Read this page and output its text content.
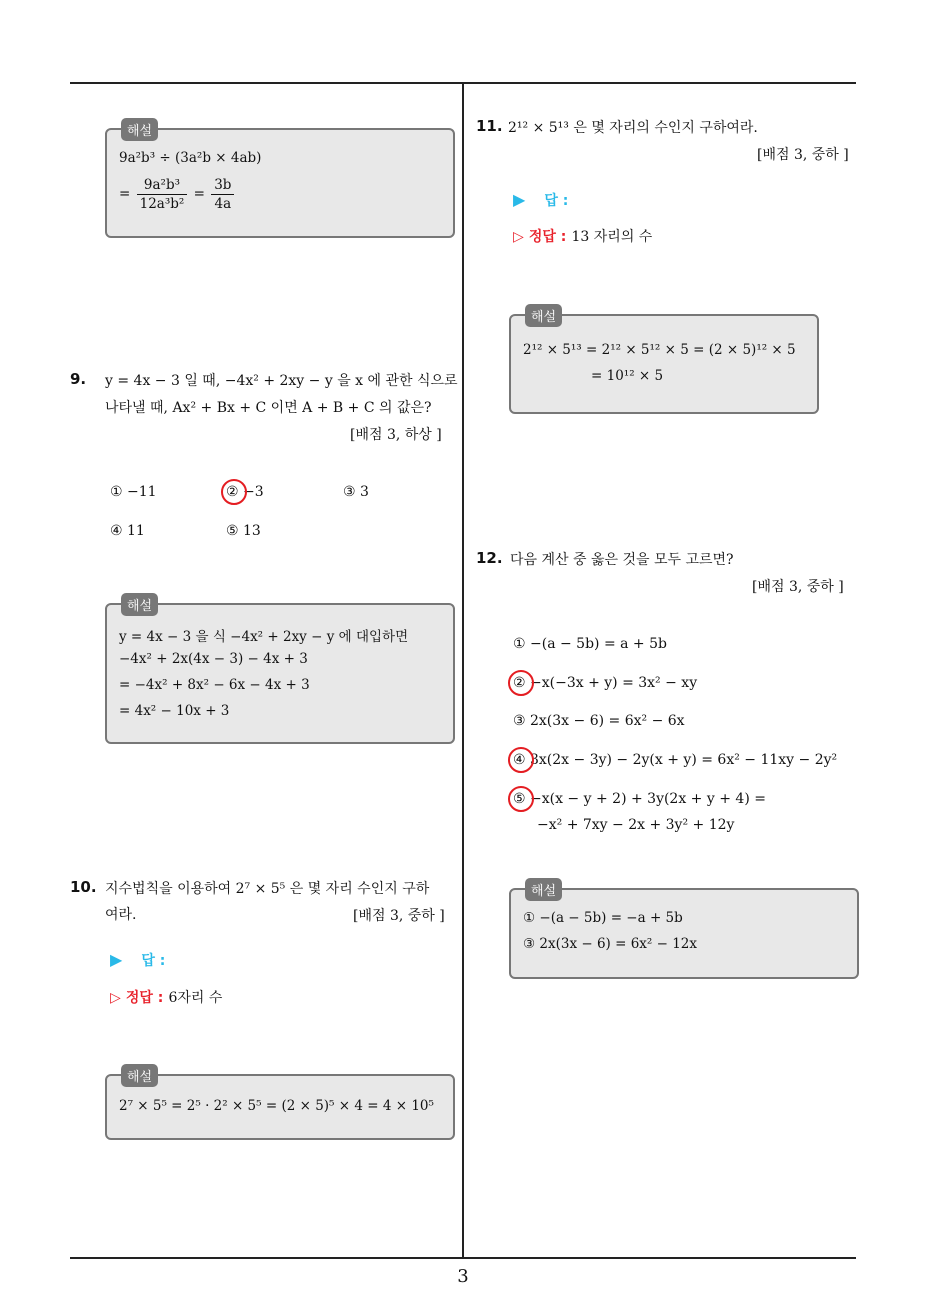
해설
9a²b³ ÷ (3a²b × 4ab)
= $\frac{\text{9a²b³}}{\text{12a³b²}} = \frac{3b}{4a}$
9. y = 4x − 3 일 때, −4x² + 2xy − y 을 x 에 관한 식으로
나타낼 때, Ax² + Bx + C 이면 A + B + C 의 값은?
[배점 3, 하상 ]
① −11	② −3	③ 3
④ 11	⑤ 13
해설
y = 4x − 3 을 식 −4x² + 2xy − y 에 대입하면
−4x² + 2x(4x − 3) − 4x + 3
= −4x² + 8x² − 6x − 4x + 3
= 4x² − 10x + 3
10. 지수법칙을 이용하여 2⁷ × 5⁵ 은 몇 자리 수인지 구하
여라.	[배점 3, 중하 ]
▶ 답 :
▷ 정답 : 6자리 수
해설
2⁷ × 5⁵ = 2⁵ · 2² × 5⁵ = (2 × 5)⁵ × 4 = 4 × 10⁵
11. 2¹² × 5¹³ 은 몇 자리의 수인지 구하여라.
[배점 3, 중하 ]
▶ 답 :
▷ 정답 : 13 자리의 수
해설
2¹² × 5¹³ = 2¹² × 5¹² × 5 = (2 × 5)¹² × 5
= 10¹² × 5
12. 다음 계산 중 옳은 것을 모두 고르면?
[배점 3, 중하 ]
① −(a − 5b) = a + 5b
② −x(−3x + y) = 3x² − xy
③ 2x(3x − 6) = 6x² − 6x
④ 3x(2x − 3y) − 2y(x + y) = 6x² − 11xy − 2y²
⑤ −x(x − y + 2) + 3y(2x + y + 4) =
−x² + 7xy − 2x + 3y² + 12y
해설
① −(a − 5b) = −a + 5b
③ 2x(3x − 6) = 6x² − 12x
3
